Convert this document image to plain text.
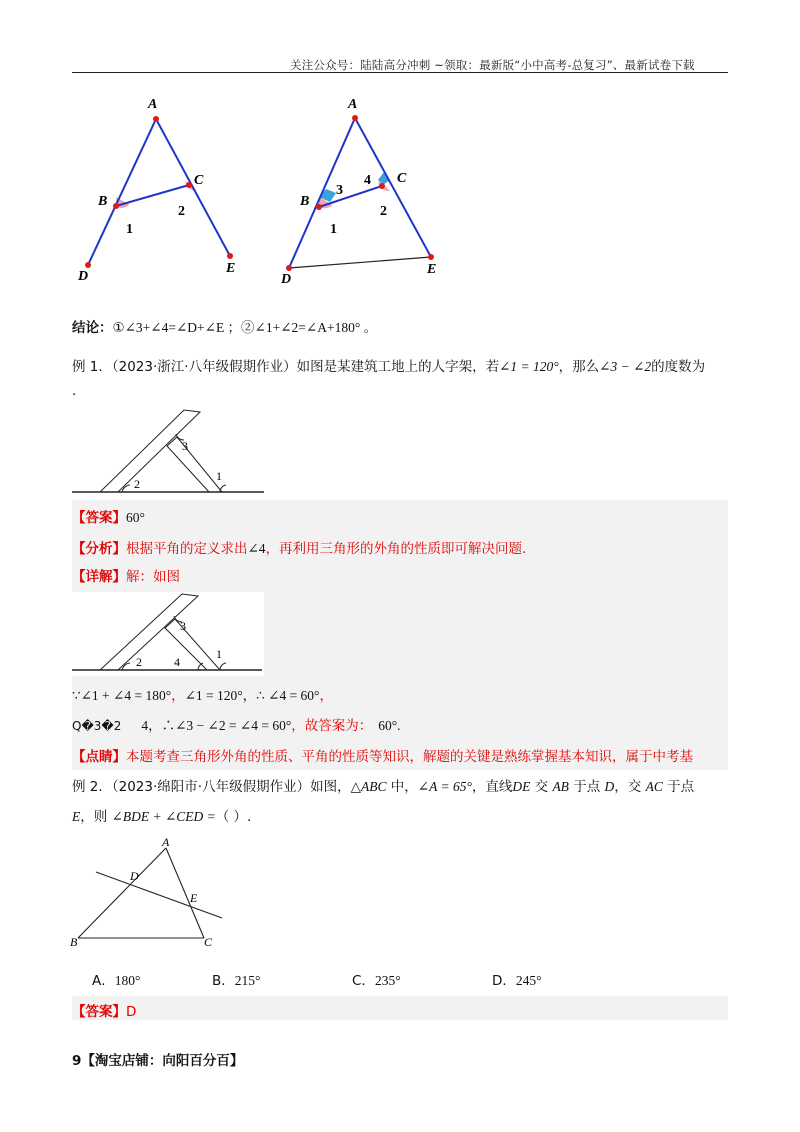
关注公众号：陆陆高分冲刺 ~领取：最新版“小中高考-总复习”、最新试卷下载
A
B
C
D
E
1
2
A
B
C
D
E
1
2
3
4
结论：①∠3+∠4=∠D+∠E ；②∠1+∠2=∠A+180° 。
例 1．（2023·浙江·八年级假期作业）如图是某建筑工地上的人字架，若∠1 = 120°，那么∠3 − ∠2的度数为
.
2
1
3
【答案】60°
【分析】根据平角的定义求出∠4，再利用三角形的外角的性质即可解决问题.
【详解】解：如图
2	4
1
3
∵∠1 + ∠4 = 180°，∠1 = 120°，∴ ∠4 = 60°，
Q�3�2 4，∴∠3 − ∠2 = ∠4 = 60°，故答案为： 60°.
【点睛】本题考查三角形外角的性质、平角的性质等知识，解题的关键是熟练掌握基本知识，属于中考基
例 2．（2023·绵阳市·八年级假期作业）如图，△ABC 中，∠A = 65°，直线DE 交 AB 于点 D，交 AC 于点
E，则 ∠BDE + ∠CED =（ ）.
A
B	C
D
E
A．180°	B．215°	C．235°	D．245°
【答案】D
9【淘宝店铺：向阳百分百】
